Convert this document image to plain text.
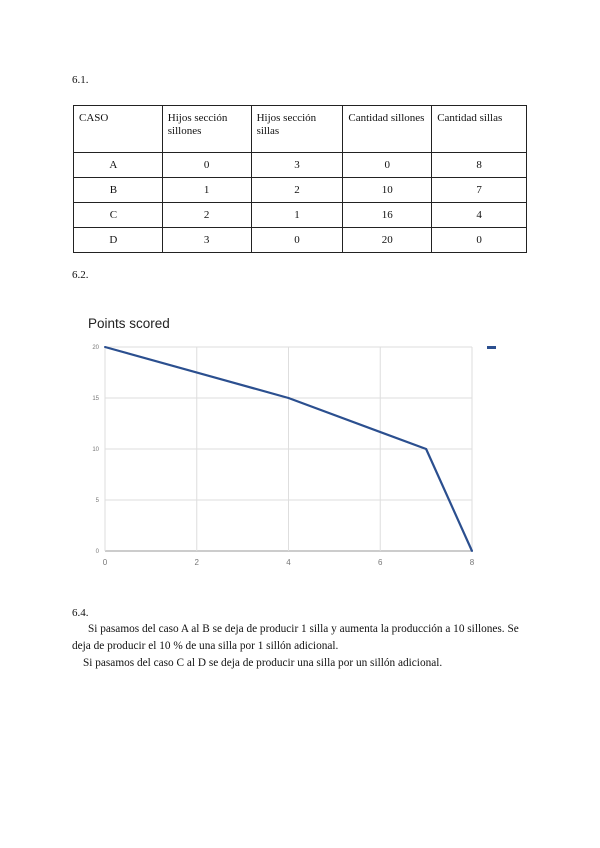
6.1.
CASO	Hijos sección sillones	Hijos sección sillas	Cantidad sillones	Cantidad sillas
A	0	3	0	8
B	1	2	10	7
C	2	1	16	4
D	3	0	20	0
6.2.
Points scored
0
5
10
15
20
0	2	4	6	8
6.4.
Si pasamos del caso A al B se deja de producir 1 silla y aumenta la producción a 10 sillones. Se deja de producir el 10 % de una silla por 1 sillón adicional.
Si pasamos del caso C al D se deja de producir una silla por un sillón adicional.
